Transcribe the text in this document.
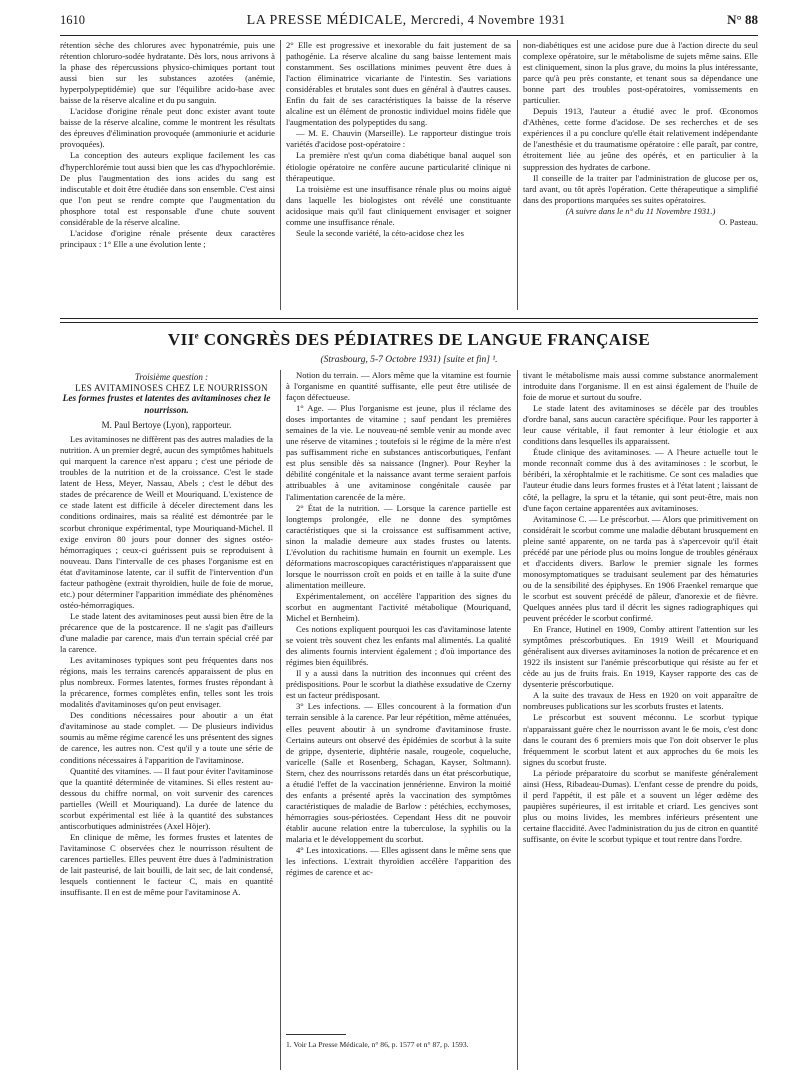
1610	LA PRESSE MÉDICALE, Mercredi, 4 Novembre 1931	N° 88

rétention sèche des chlorures avec hyponatrémie, puis une rétention chloruro-sodée hydratante. Dès lors, nous arrivons à la phase des répercussions physico-chimiques portant tout aussi bien sur les substances azotées (anémie, hyperpolypeptidémie) que sur l'équilibre acido-base avec baisse de la réserve alcaline et du pu sanguin.

L'acidose d'origine rénale peut donc exister avant toute baisse de la réserve alcaline, comme le montrent les résultats des épreuves d'élimination provoquée (ammoniurie et acidurie provoquées).

La conception des auteurs explique facilement les cas d'hyperchlorémie tout aussi bien que les cas d'hypochlorémie. De plus l'augmentation des ions acides du sang est indiscutable et doit être étudiée dans son ensemble. C'est ainsi que l'on peut se rendre compte que l'augmentation du phosphore total est responsable d'une chute souvent considérable de la réserve alcaline.

L'acidose d'origine rénale présente deux caractères principaux : 1° Elle a une évolution lente ;

2° Elle est progressive et inexorable du fait justement de sa pathogénie. La réserve alcaline du sang baisse lentement mais constamment. Ses oscillations minimes peuvent être dues à l'action éliminatrice vicariante de l'intestin. Ses variations considérables et brutales sont dues en général à d'autres causes. Enfin du fait de ses caractéristiques la baisse de la réserve alcaline est un élément de pronostic individuel moins fidèle que l'augmentation des polypeptides du sang.

— M. E. Chauvin (Marseille). Le rapporteur distingue trois variétés d'acidose post-opératoire :

La première n'est qu'un coma diabétique banal auquel son étiologie opératoire ne confère aucune particularité clinique ni thérapeutique.

La troisième est une insuffisance rénale plus ou moins aiguë dans laquelle les biologistes ont révélé une constituante acidosique mais qu'il faut cliniquement envisager et soigner comme une insuffisance rénale.

Seule la seconde variété, la céto-acidose chez les

non-diabétiques est une acidose pure due à l'action directe du seul complexe opératoire, sur le métabolisme de sujets même sains. Elle est cliniquement, sinon la plus grave, du moins la plus intéressante, parce qu'à peu près constante, et tenant sous sa dépendance une bonne part des troubles post-opératoires, vomissements en particulier.

Depuis 1913, l'auteur a étudié avec le prof. Œconomos d'Athènes, cette forme d'acidose. De ses recherches et de ses expériences il a pu conclure qu'elle était relativement indépendante de l'anesthésie et du traumatisme opératoire : elle paraît, par contre, étroitement liée au jeûne des opérés, et en particulier à la suppression des hydrates de carbone.

Il conseille de la traiter par l'administration de glucose per os, tard avant, ou tôt après l'opération. Cette thérapeutique a simplifié dans des proportions marquées ses suites opératoires.

(A suivre dans le n° du 11 Novembre 1931.)

O. Pasteau.

VIIe CONGRÈS DES PÉDIATRES DE LANGUE FRANÇAISE
(Strasbourg, 5-7 Octobre 1931) [suite et fin] ¹.

Troisième question :

LES AVITAMINOSES CHEZ LE NOURRISSON

Les formes frustes et latentes des avitaminoses chez le nourrisson.

M. Paul Bertoye (Lyon), rapporteur.

Les avitaminoses ne diffèrent pas des autres maladies de la nutrition. A un premier degré, aucun des symptômes habituels qui marquent la carence n'est apparu ; c'est une période de troubles de la nutrition et de la croissance. C'est le stade latent de Hess, Meyer, Nassau, Abels ; c'est le début des stades de précarence de Weill et Mouriquand. L'existence de ce stade latent est difficile à déceler directement dans les conditions ordinaires, mais sa réalité est démontrée par le scorbut chronique expérimental, type Mouriquand-Michel. Il exige environ 80 jours pour donner des signes ostéo-hémorragiques ; ceux-ci guérissent puis se reproduisent à nouveau. Dans l'intervalle de ces phases l'organisme est en état d'avitaminose latente, car il suffit de l'intervention d'un facteur pathogène (extrait thyroïdien, huile de foie de morue, etc.) pour déterminer l'apparition immédiate des phénomènes ostéo-hémorragiques.

Le stade latent des avitaminoses peut aussi bien être de la précarence que de la postcarence. Il ne s'agit pas d'ailleurs d'une maladie par carence, mais d'un terrain spécial créé par la carence.

Les avitaminoses typiques sont peu fréquentes dans nos régions, mais les terrains carencés apparaissent de plus en plus nombreux. Formes latentes, formes frustes répondant à la précarence, formes complètes enfin, telles sont les trois modalités d'avitaminoses qu'on peut envisager.

Des conditions nécessaires pour aboutir a un état d'avitaminose au stade complet. — De plusieurs individus soumis au même régime carencé les uns présentent des signes de carence, les autres non. C'est qu'il y a toute une série de conditions nécessaires à l'apparition de l'avitaminose.

Quantité des vitamines. — Il faut pour éviter l'avitaminose que la quantité déterminée de vitamines. Si elles restent au-dessous du chiffre normal, on voit survenir des carences partielles (Weill et Mouriquand). La durée de latence du scorbut expérimental est liée à la quantité des substances antiscorbutiques administrées (Axel Höjer).

En clinique de même, les formes frustes et latentes de l'avitaminose C observées chez le nourrisson résultent de carences partielles. Elles peuvent être dues à l'administration de lait pasteurisé, de lait bouilli, de lait sec, de lait condensé, lesquels contiennent le facteur C, mais en quantité insuffisante. Il en est de même pour l'avitaminose A.

Notion du terrain. — Alors même que la vitamine est fournie à l'organisme en quantité suffisante, elle peut être utilisée de façon défectueuse.

1° Age. — Plus l'organisme est jeune, plus il réclame des doses importantes de vitamine ; sauf pendant les premières semaines de la vie. Le nouveau-né semble venir au monde avec une réserve de vitamines ; toutefois si le régime de la mère n'est pas suffisamment riche en substances antiscorbutiques, l'enfant est plus sensible dès sa naissance (Ingner). Pour Reyher la débilité congénitale et la naissance avant terme seraient parfois attribuables à une avitaminose congénitale causée par l'alimentation carencée de la mère.

2° État de la nutrition. — Lorsque la carence partielle est longtemps prolongée, elle ne donne des symptômes caractéristiques que si la croissance est suffisamment active, sinon la maladie demeure aux stades frustes ou latents. L'évolution du rachitisme humain en fournit un exemple. Les déformations macroscopiques caractéristiques n'apparaissent que lorsque le nourrisson croît en poids et en taille à la suite d'une alimentation meilleure.

Expérimentalement, on accélère l'apparition des signes du scorbut en augmentant l'activité métabolique (Mouriquand, Michel et Bernheim).

Ces notions expliquent pourquoi les cas d'avitaminose latente se voient très souvent chez les enfants mal alimentés. La qualité des aliments fournis intervient également ; d'où importance des régimes bien équilibrés.

Il y a aussi dans la nutrition des inconnues qui créent des prédispositions. Pour le scorbut la diathèse exsudative de Czerny est un facteur prédisposant.

3° Les infections. — Elles concourent à la formation d'un terrain sensible à la carence. Par leur répétition, même atténuées, elles peuvent aboutir à un syndrome d'avitaminose fruste. Certains auteurs ont observé des épidémies de scorbut à la suite de grippe, dysenterie, diphtérie nasale, rougeole, coqueluche, varicelle (Salle et Rosenberg, Schagan, Kayser, Soltmann). Stern, chez des nourrissons retardés dans un état préscorbutique, a étudié l'effet de la vaccination jennérienne. Environ la moitié des enfants a présenté après la vaccination des symptômes caractéristiques de maladie de Barlow : pétéchies, ecchymoses, hémorragies sous-périostées. Cependant Hess dit ne pouvoir établir aucune relation entre la tuberculose, la syphilis ou la malaria et le développement du scorbut.

4° Les intoxications. — Elles agissent dans le même sens que les infections. L'extrait thyroïdien accélère l'apparition des régimes de carence et ac-

1. Voir La Presse Médicale, n° 86, p. 1577 et n° 87, p. 1593.

tivant le métabolisme mais aussi comme substance anormalement introduite dans l'organisme. Il en est ainsi également de l'huile de foie de morue et surtout du soufre.

Le stade latent des avitaminoses se décèle par des troubles d'ordre banal, sans aucun caractère spécifique. Pour les rapporter à leur cause véritable, il faut remonter à leur étiologie et aux conditions dans lesquelles ils apparaissent.

Étude clinique des avitaminoses. — A l'heure actuelle tout le monde reconnaît comme dus à des avitaminoses : le scorbut, le béribéri, la xérophtalmie et le rachitisme. Ce sont ces maladies que l'auteur étudie dans leurs formes frustes et à l'état latent ; laissant de côté, la pellagre, la spru et la tétanie, qui sont peut-être, mais non d'une façon certaine apparentées aux avitaminoses.

Avitaminose C. — Le préscorbut. — Alors que primitivement on considérait le scorbut comme une maladie débutant brusquement en pleine santé apparente, on ne tarda pas à s'apercevoir qu'il était précédé par une période plus ou moins longue de troubles généraux et d'accidents divers. Barlow le premier signale les formes monosymptomatiques se traduisant seulement par des hématuries ou de la sensibilité des épiphyses. En 1906 Fraenkel remarque que le scorbut est souvent précédé de pâleur, d'anorexie et de fièvre. Quelques années plus tard il décrit les signes radiographiques qui peuvent précéder le scorbut confirmé.

En France, Hutinel en 1909, Comby attirent l'attention sur les symptômes préscorbutiques. En 1919 Weill et Mouriquand généralisent aux diverses avitaminoses la notion de précarence et en 1922 ils insistent sur l'anémie préscorbutique qui résiste au fer et cède au jus de fruits frais. En 1919, Kayser rapporte des cas de dysenterie préscorbutique.

A la suite des travaux de Hess en 1920 on voit apparaître de nombreuses publications sur les scorbuts frustes et latents.

Le préscorbut est souvent méconnu. Le scorbut typique n'apparaissant guère chez le nourrisson avant le 6e mois, c'est donc dans le courant des 6 premiers mois que l'on doit observer le plus fréquemment le scorbut latent et aux approches du 6e mois les signes du scorbut fruste.

La période préparatoire du scorbut se manifeste généralement ainsi (Hess, Ribadeau-Dumas). L'enfant cesse de prendre du poids, il perd l'appétit, il est pâle et a souvent un léger œdème des paupières supérieures, il est irritable et criard. Les gencives sont plus ou moins livides, les membres inférieurs présentent une certaine flaccidité. Avec l'administration du jus de citron en quantité suffisante, on évite le scorbut typique et tout rentre dans l'ordre.
